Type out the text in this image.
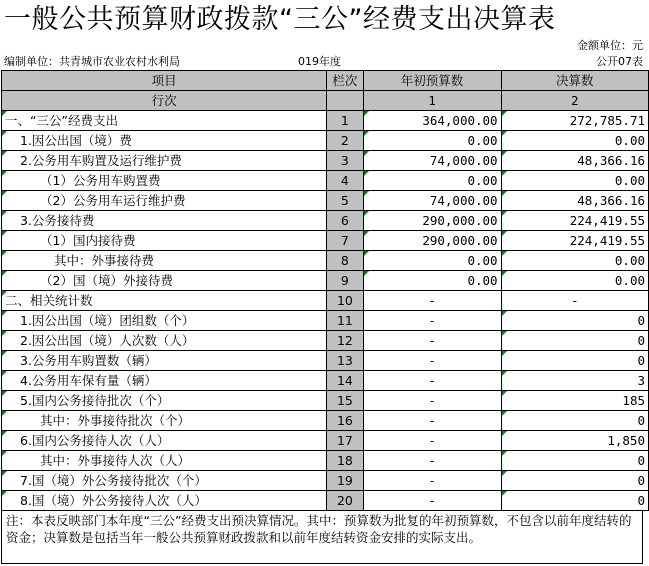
一般公共预算财政拨款“三公”经费支出决算表
金额单位：元
编制单位：共青城市农业农村水利局	019年度	公开07表
项目	栏次	年初预算数	决算数
行次		1	2
一、“三公”经费支出	1	364,000.00	272,785.71
1.因公出国（境）费	2	0.00	0.00
2.公务用车购置及运行维护费	3	74,000.00	48,366.16
（1）公务用车购置费	4	0.00	0.00
（2）公务用车运行维护费	5	74,000.00	48,366.16
3.公务接待费	6	290,000.00	224,419.55
（1）国内接待费	7	290,000.00	224,419.55
其中：外事接待费	8	0.00	0.00
（2）国（境）外接待费	9	0.00	0.00
二、相关统计数	10	-	-
1.因公出国（境）团组数（个）	11	-	0
2.因公出国（境）人次数（人）	12	-	0
3.公务用车购置数（辆）	13	-	0
4.公务用车保有量（辆）	14	-	3
5.国内公务接待批次（个）	15	-	185
其中：外事接待批次（个）	16	-	0
6.国内公务接待人次（人）	17	-	1,850
其中：外事接待人次（人）	18	-	0
7.国（境）外公务接待批次（个）	19	-	0
8.国（境）外公务接待人次（人）	20	-	0
注：本表反映部门本年度“三公”经费支出预决算情况。其中：预算数为批复的年初预算数，不包含以前年度结转的资金；决算数是包括当年一般公共预算财政拨款和以前年度结转资金安排的实际支出。
